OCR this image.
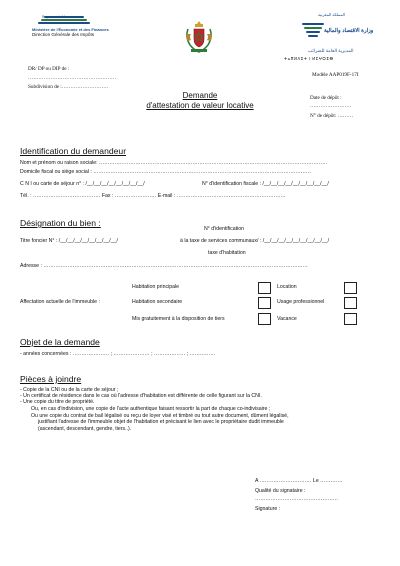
Royaume du Maroc
Ministère de l'Économie et des Finances
Direction Générale des Impôts
المملكة المغربية
وزارة الاقتصاد والمالية
المديرية العامة للضرائب
ⵜⴰⴳⵍⴷⵉⵜ ⵏ ⵍⵎⵖⵔⵉⴱ
DR/ DP ou DIP de :
……………………………………………
Subdivision de :………………………
Modèle AAP019F-17I
Demande
d'attestation de valeur locative
Date de dépôt :
……………………
N° de dépôt: ………
Identification du demandeur
Nom et prénom ou raison sociale: ……………………………………………………………………………………………………………………
Domicile fiscal ou siège social : ………………………………………………………………………………………………………………
C N I ou carte de séjour n° : /__/__/__/__/__/__/__/__/	N° d'identification fiscale : /__/__/__/__/__/__/__/__/__/
Tél. : ………………………………… Fax : …………………… E-mail : ………………………………………………………
Désignation du bien :
N° d'identification
Titre foncier N° : /__/__/__/__/__/__/__/__/	à la taxe de services communaux/ : /__/__/__/__/__/__/__/__/__/
taxe d'habitation
Adresse : ………………………………………………………………………………………………………………………………………
Habitation principale	Location
Affectation actuelle de l'immeuble :	Habitation secondaire	Usage professionnel
Mis gratuitement à la disposition de tiers	Vacance
Objet de la demande
- années concernées : ………………… ; ………………… ; ……………… ; ……………
Pièces à joindre
- Copie de la CNI ou de la carte de séjour ;
- Un certificat de résidence dans le cas où l'adresse d'habitation est différente de celle figurant sur la CNI.
- Une copie du titre de propriété.
Ou, en cas d'indivision, une copie de l'acte authentique faisant ressortir la part de chaque co-indivisaire ;
Ou une copie du contrat de bail légalisé ou reçu de loyer visé et timbré ou tout autre document, dûment légalisé,
justifiant l'adresse de l'immeuble objet de l'habitation et précisant le lien avec le propriétaire dudit immeuble
(ascendant, descendant, gendre, tiers..).
A ………………………… Le ………….
Qualité du signataire :
…………………………………………
Signature :
